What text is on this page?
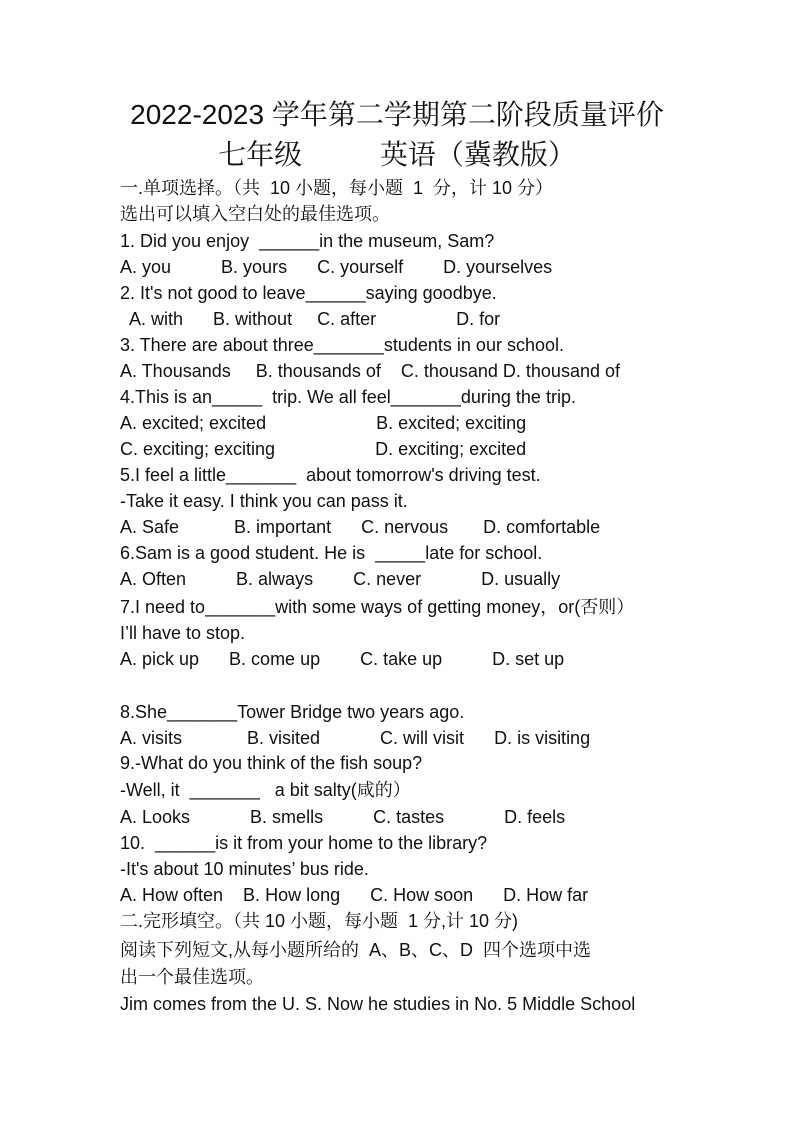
2022-2023 学年第二学期第二阶段质量评价
七年级          英语（冀教版）
一.单项选择。（共  10 小题，每小题  1  分，计 10 分）
选出可以填入空白处的最佳选项。
1. Did you enjoy  ______in the museum, Sam?
A. you          B. yours      C. yourself        D. yourselves
2. It's not good to leave______saying goodbye.
A. with      B. without     C. after                D. for
3. There are about three_______students in our school.
A. Thousands     B. thousands of    C. thousand D. thousand of
4.This is an_____  trip. We all feel_______during the trip.
A. excited; excited                      B. excited; exciting
C. exciting; exciting                    D. exciting; excited
5.I feel a little_______  about tomorrow's driving test.
-Take it easy. I think you can pass it.
A. Safe           B. important      C. nervous       D. comfortable
6.Sam is a good student. He is  _____late for school.
A. Often          B. always        C. never            D. usually
7.I need to_______with some ways of getting money，or(否则）
I’ll have to stop.
A. pick up      B. come up        C. take up          D. set up
8.She_______Tower Bridge two years ago.
A. visits             B. visited            C. will visit      D. is visiting
9.-What do you think of the fish soup?
-Well, it  _______   a bit salty(咸的）
A. Looks            B. smells          C. tastes            D. feels
10.  ______is it from your home to the library?
-It's about 10 minutes’ bus ride.
A. How often    B. How long      C. How soon      D. How far
二.完形填空。（共 10 小题，每小题  1 分,计 10 分)
阅读下列短文,从每小题所给的  A、B、C、D  四个选项中选
出一个最佳选项。
Jim comes from the U. S. Now he studies in No. 5 Middle School
